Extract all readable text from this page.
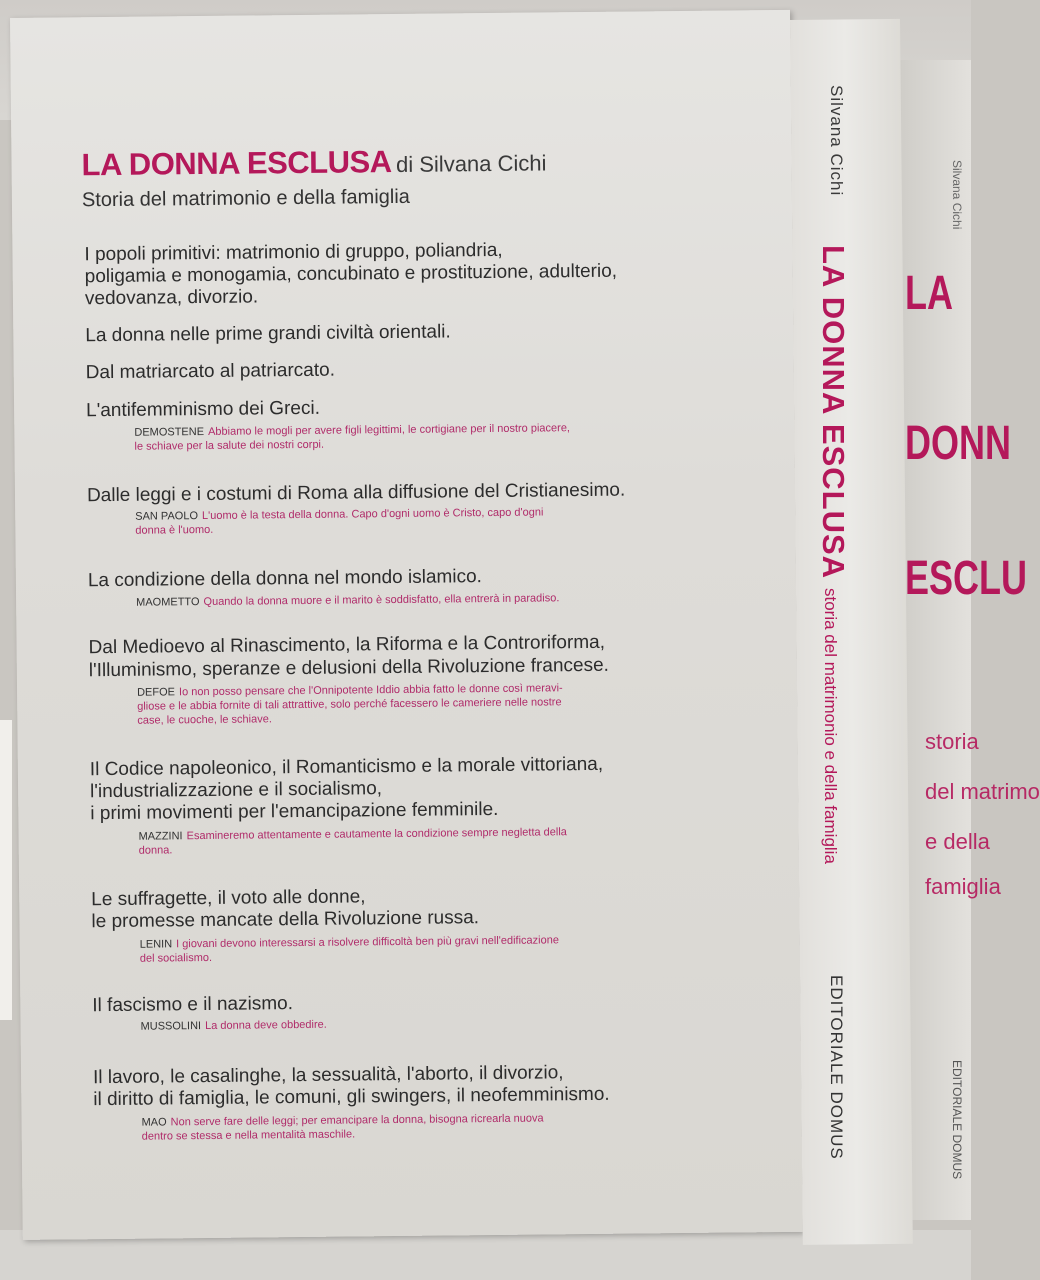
LA DONNA ESCLUSA di Silvana Cichi
Storia del matrimonio e della famiglia
I popoli primitivi: matrimonio di gruppo, poliandria,
poligamia e monogamia, concubinato e prostituzione, adulterio,
vedovanza, divorzio.
La donna nelle prime grandi civiltà orientali.
Dal matriarcato al patriarcato.
L'antifemminismo dei Greci.
DEMOSTENE Abbiamo le mogli per avere figli legittimi, le cortigiane per il nostro piacere,
le schiave per la salute dei nostri corpi.
Dalle leggi e i costumi di Roma alla diffusione del Cristianesimo.
SAN PAOLO L'uomo è la testa della donna. Capo d'ogni uomo è Cristo, capo d'ogni
donna è l'uomo.
La condizione della donna nel mondo islamico.
MAOMETTO Quando la donna muore e il marito è soddisfatto, ella entrerà in paradiso.
Dal Medioevo al Rinascimento, la Riforma e la Controriforma,
l'Illuminismo, speranze e delusioni della Rivoluzione francese.
DEFOE Io non posso pensare che l'Onnipotente Iddio abbia fatto le donne così meravi-
gliose e le abbia fornite di tali attrattive, solo perché facessero le cameriere nelle nostre
case, le cuoche, le schiave.
Il Codice napoleonico, il Romanticismo e la morale vittoriana,
l'industrializzazione e il socialismo,
i primi movimenti per l'emancipazione femminile.
MAZZINI Esamineremo attentamente e cautamente la condizione sempre negletta della
donna.
Le suffragette, il voto alle donne,
le promesse mancate della Rivoluzione russa.
LENIN I giovani devono interessarsi a risolvere difficoltà ben più gravi nell'edificazione
del socialismo.
Il fascismo e il nazismo.
MUSSOLINI La donna deve obbedire.
Il lavoro, le casalinghe, la sessualità, l'aborto, il divorzio,
il diritto di famiglia, le comuni, gli swingers, il neofemminismo.
MAO Non serve fare delle leggi; per emancipare la donna, bisogna ricrearla nuova
dentro se stessa e nella mentalità maschile.
Silvana Cichi
LA DONNA ESCLUSA
storia del matrimonio e della famiglia
EDITORIALE DOMUS
Silvana Cichi
LA
DONN
ESCLU
storia
del matrimo
e della
famiglia
EDITORIALE DOMUS
